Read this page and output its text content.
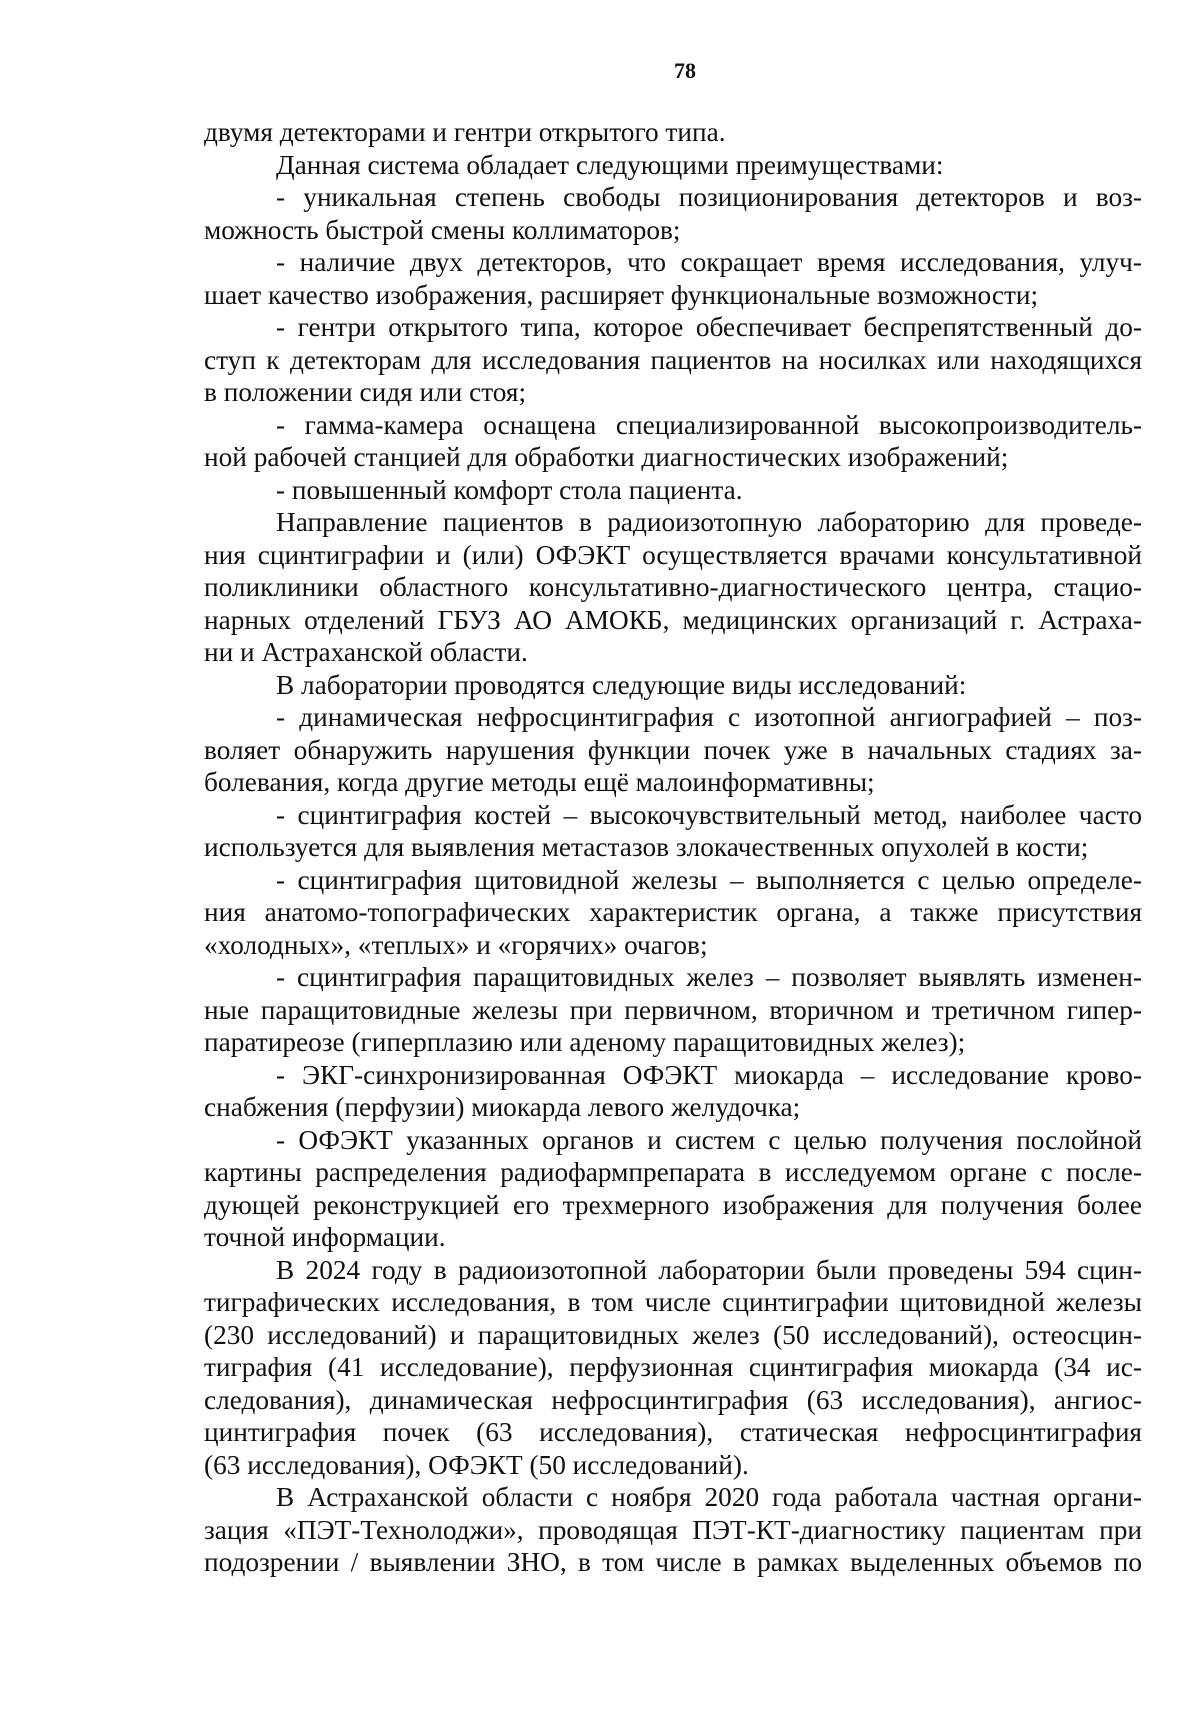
78
двумя детекторами и гентри открытого типа.
Данная система обладает следующими преимуществами:
- уникальная степень свободы позиционирования детекторов и воз-
можность быстрой смены коллиматоров;
- наличие двух детекторов, что сокращает время исследования, улуч-
шает качество изображения, расширяет функциональные возможности;
- гентри открытого типа, которое обеспечивает беспрепятственный до-
ступ к детекторам для исследования пациентов на носилках или находящихся
в положении сидя или стоя;
- гамма-камера оснащена специализированной высокопроизводитель-
ной рабочей станцией для обработки диагностических изображений;
- повышенный комфорт стола пациента.
Направление пациентов в радиоизотопную лабораторию для проведе-
ния сцинтиграфии и (или) ОФЭКТ осуществляется врачами консультативной
поликлиники областного консультативно-диагностического центра, стацио-
нарных отделений ГБУЗ АО АМОКБ, медицинских организаций г. Астраха-
ни и Астраханской области.
В лаборатории проводятся следующие виды исследований:
- динамическая нефросцинтиграфия с изотопной ангиографией – поз-
воляет обнаружить нарушения функции почек уже в начальных стадиях за-
болевания, когда другие методы ещё малоинформативны;
- сцинтиграфия костей – высокочувствительный метод, наиболее часто
используется для выявления метастазов злокачественных опухолей в кости;
- сцинтиграфия щитовидной железы – выполняется с целью определе-
ния анатомо-топографических характеристик органа, а также присутствия
«холодных», «теплых» и «горячих» очагов;
- сцинтиграфия паращитовидных желез – позволяет выявлять изменен-
ные паращитовидные железы при первичном, вторичном и третичном гипер-
паратиреозе (гиперплазию или аденому паращитовидных желез);
- ЭКГ-синхронизированная ОФЭКТ миокарда – исследование крово-
снабжения (перфузии) миокарда левого желудочка;
- ОФЭКТ указанных органов и систем с целью получения послойной
картины распределения радиофармпрепарата в исследуемом органе с после-
дующей реконструкцией его трехмерного изображения для получения более
точной информации.
В 2024 году в радиоизотопной лаборатории были проведены 594 сцин-
тиграфических исследования, в том числе сцинтиграфии щитовидной железы
(230 исследований) и паращитовидных желез (50 исследований), остеосцин-
тиграфия (41 исследование), перфузионная сцинтиграфия миокарда (34 ис-
следования), динамическая нефросцинтиграфия (63 исследования), ангиос-
цинтиграфия почек (63 исследования), статическая нефросцинтиграфия
(63 исследования), ОФЭКТ (50 исследований).
В Астраханской области с ноября 2020 года работала частная органи-
зация «ПЭТ-Технолоджи», проводящая ПЭТ-КТ-диагностику пациентам при
подозрении / выявлении ЗНО, в том числе в рамках выделенных объемов по
